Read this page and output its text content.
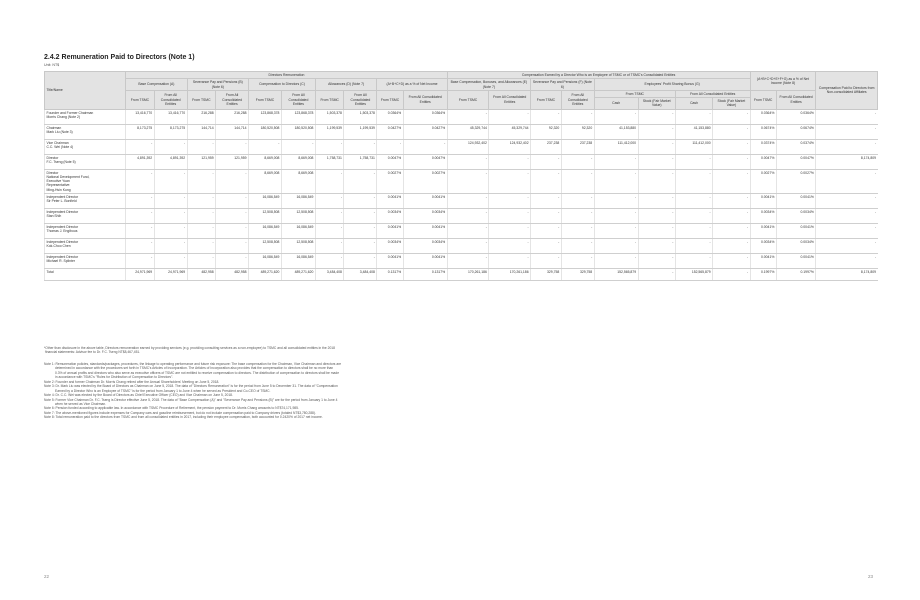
2.4.2 Remuneration Paid to Directors (Note 1)
Unit: NT$
Title/Name	Directors Remuneration										Compensation Earned by a Director Who is an Employee of TSMC or of TSMC's Consolidated Entities								(A+B+C+D+E+F+G) as a % of Net Income (Note 8)		Compensation Paid to Directors from Non-consolidated Affiliates
	Base Compensation (A)		Severance Pay and Pensions (B) (Note 6)		Compensation to Directors (C)		Allowances (D) (Note 7)		(A+B+C+D) as a % of Net Income		Base Compensation, Bonuses, and Allowances (E) (Note 7)		Severance Pay and Pensions (F) (Note 6)		Employees' Profit Sharing Bonus (G)						
	From TSMC	From All Consolidated Entities	From TSMC	From All Consolidated Entities	From TSMC	From All Consolidated Entities	From TSMC	From All Consolidated Entities	From TSMC	From All Consolidated Entities	From TSMC	From All Consolidated Entities	From TSMC	From All Consolidated Entities	From TSMC		From All Consolidated Entities		From TSMC	From All Consolidated Entities	
															Cash	Stock (Fair Market Value)	Cash	Stock (Fair Market Value)			
Founder and Former Chairman
Morris Chang (Note 2)	13,416,770	13,416,770	216,288	216,288	123,868,378	123,868,378	1,503,378	1,503,378	0.0364%	0.0364%	-	-	-	-	-	-	-	-	0.0364%	0.0364%	-
Chairman
Mark Liu (Note 3)	8,173,275	8,173,275	144,714	144,714	180,520,508	180,520,508	1,199,539	1,199,539	0.0427%	0.0427%	45,329,744	45,329,744	92,320	92,320	41,153,880	-	41,153,880	-	0.0674%	0.0674%	-
Vice Chairman
C.C. Wei (Note 4)	-	-	-	-	-	-	-	-	-	-	124,932,402	124,932,402	237,238	237,238	111,412,000	-	111,412,000	-	0.0374%	0.0374%	-
Director
F.C. Tseng (Note 5)	4,891,392	4,891,392	121,959	121,959	8,669,008	8,669,008	1,758,731	1,758,731	0.0047%	0.0047%	-	-	-	-	-	-	-	-	0.0047%	0.0047%	8,174,809
Director
National Development Fund,
Executive Yuan
Representative:
Ming-Hsin Kung	-	-	-	-	8,669,008	8,669,008	-	-	0.0027%	0.0027%	-	-	-	-	-	-	-	-	0.0027%	0.0027%	-
Independent Director
Sir Peter L. Bonfield	-	-	-	-	16,086,549	16,086,549	-	-	0.0041%	0.0041%	-	-	-	-	-	-	-	-	0.0041%	0.0041%	-
Independent Director
Stan Shih	-	-	-	-	12,508,508	12,508,508	-	-	0.0034%	0.0034%	-	-	-	-	-	-	-	-	0.0034%	0.0034%	-
Independent Director
Thomas J. Engibous	-	-	-	-	16,086,549	16,086,549	-	-	0.0041%	0.0041%	-	-	-	-	-	-	-	-	0.0041%	0.0041%	-
Independent Director
Kok-Choo Chen	-	-	-	-	12,508,508	12,508,508	-	-	0.0034%	0.0034%	-	-	-	-	-	-	-	-	0.0034%	0.0034%	-
Independent Director
Michael R. Splinter	-	-	-	-	16,086,549	16,086,549	-	-	0.0041%	0.0041%	-	-	-	-	-	-	-	-	0.0041%	0.0041%	-
Total	24,971,969	24,971,969	482,958	482,958	489,271,620	489,271,620	3,484,408	3,484,408	0.1317%	0.1317%	170,261,186	170,261,186	329,758	329,758	152,565,879	-	152,565,879	-	0.1997%	0.1997%	8,174,809
*Other than disclosure in the above table, Directors remuneration earned by providing services (e.g. providing consulting services as a non-employee) to TSMC and all consolidated entities in the 2018
financial statements: Advisor fee to Dr. F.C. Tseng NT$8,467,451.
Note 1: Remuneration policies, standards/packages, procedures, the linkage to operating performance and future risk exposure: The base compensation for the Chairman, Vice Chairman and directors are
determined in accordance with the procedures set forth in TSMC's Articles of Incorporation. The Articles of Incorporation also provides that the compensation to directors shall be no more than
0.3% of annual profits and directors who also serve as executive officers of TSMC are not entitled to receive compensation to directors. The distribution of compensation to directors shall be made
in accordance with TSMC's "Rules for Distribution of Compensation to Directors".
Note 2: Founder and former Chairman Dr. Morris Chang retired after the Annual Shareholders' Meeting on June 5, 2018.
Note 3: Dr. Mark Liu was elected by the Board of Directors as Chairman on June 5, 2018. The data of "Directors Remuneration" is for the period from June 5 to December 31. The data of "Compensation
Earned by a Director Who is an Employee of TSMC" is for the period from January 1 to June 4 when he served as President and Co-CEO of TSMC.
Note 4: Dr. C.C. Wei was elected by the Board of Directors as Chief Executive Officer (CEO) and Vice Chairman on June 5, 2018.
Note 5: Former Vice Chairman Dr. F.C. Tseng is Director effective June 5, 2018. The data of "Base Compensation (A)" and "Severance Pay and Pensions (B)" are for the period from January 1 to June 4
when he served as Vice Chairman.
Note 6: Pension funded according to applicable law. In accordance with TSMC Procedure of Retirement, the pension payment to Dr. Morris Chang amounts to NT$74,171,985.
Note 7: The above-mentioned figures include expenses for Company cars and gasoline reimbursement, but do not include compensation paid to Company drivers (totaled NT$3,780,288).
Note 8: Total remuneration paid to the directors from TSMC and from all consolidated entities in 2017, including their employee compensation, both accounted for 0.2420% of 2017 net income.
22	23
